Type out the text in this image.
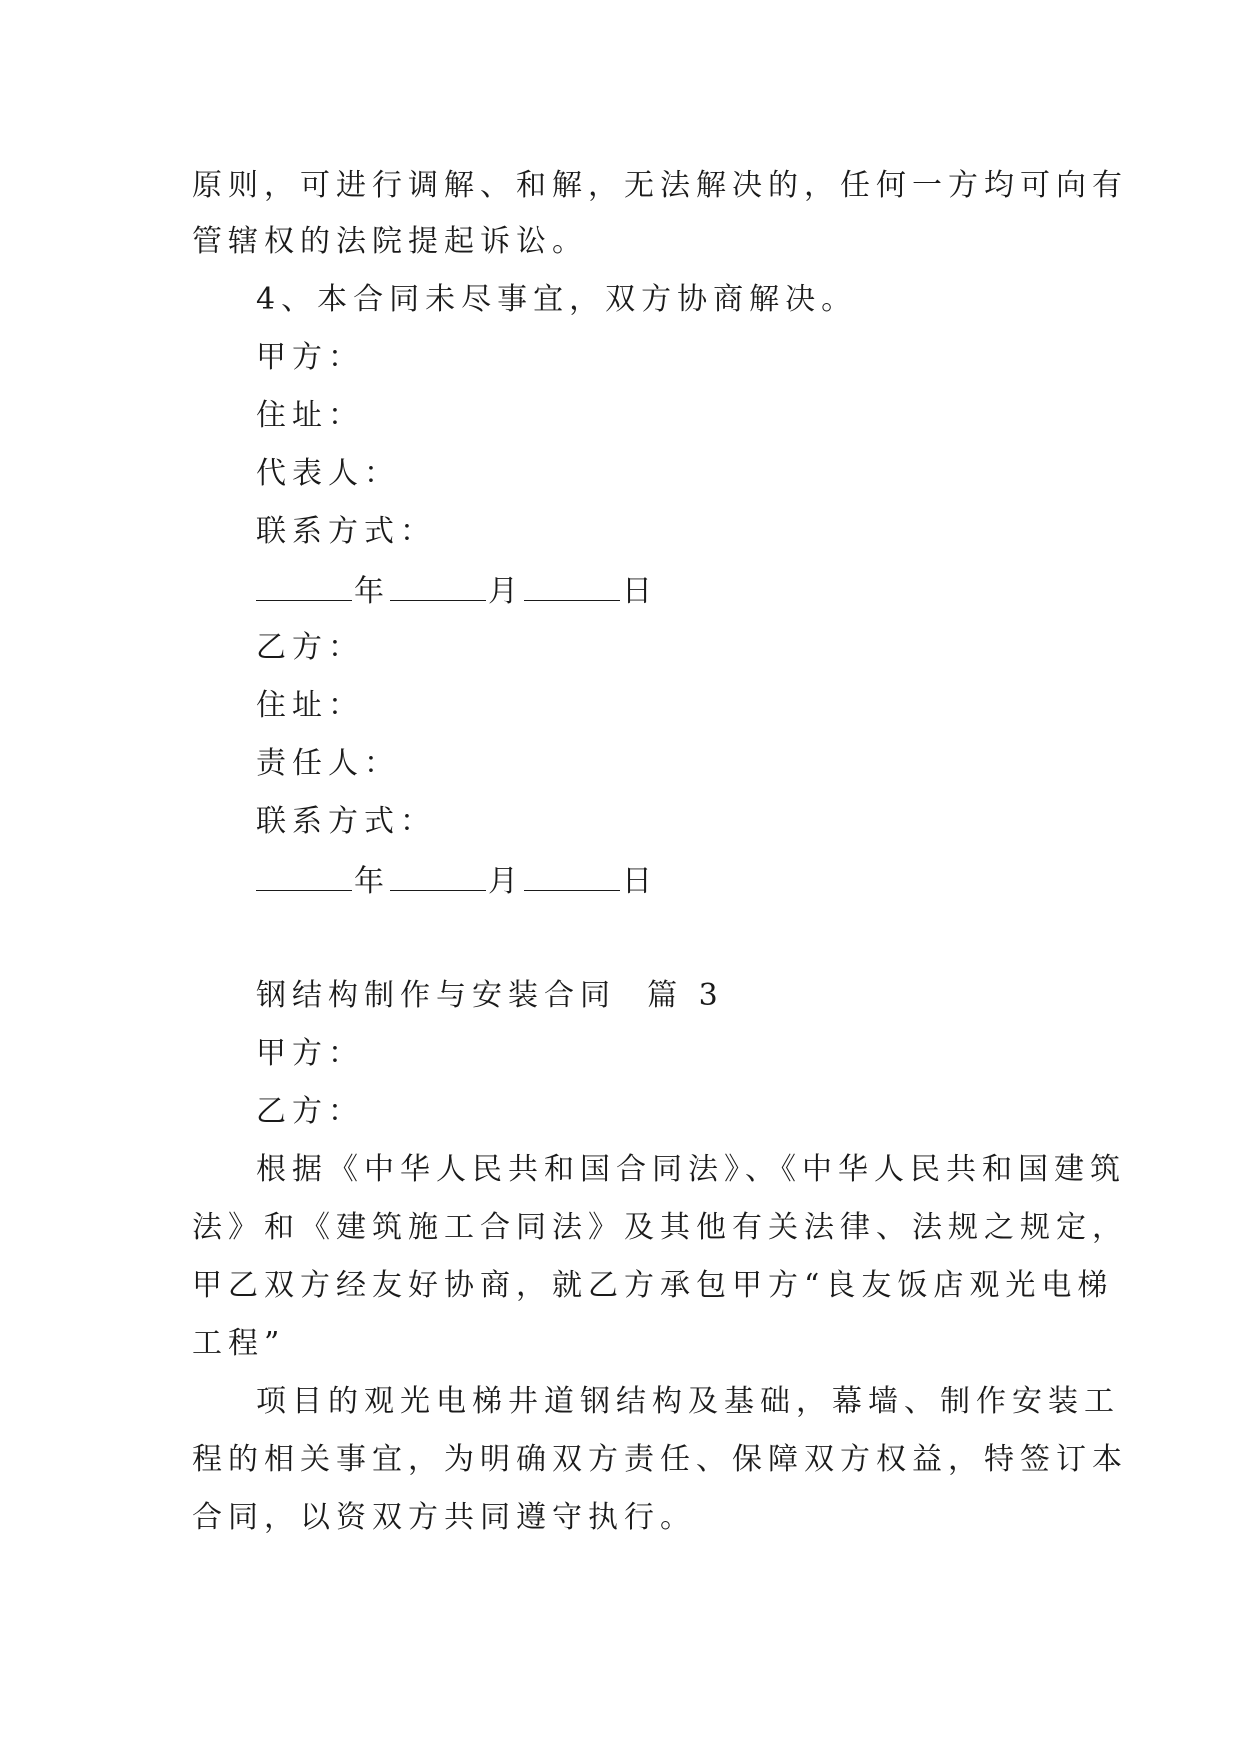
原则，可进行调解、和解，无法解决的，任何一方均可向有
管辖权的法院提起诉讼。
4、本合同未尽事宜，双方协商解决。
甲方：
住址：
代表人：
联系方式：
年	月	日
乙方：
住址：
责任人：
联系方式：
年	月	日
钢结构制作与安装合同  篇 3
甲方：
乙方：
根据《中华人民共和国合同法》、《中华人民共和国建筑
法》和《建筑施工合同法》及其他有关法律、法规之规定，
甲乙双方经友好协商，就乙方承包甲方“良友饭店观光电梯
工程”
项目的观光电梯井道钢结构及基础，幕墙、制作安装工
程的相关事宜，为明确双方责任、保障双方权益，特签订本
合同，以资双方共同遵守执行。
